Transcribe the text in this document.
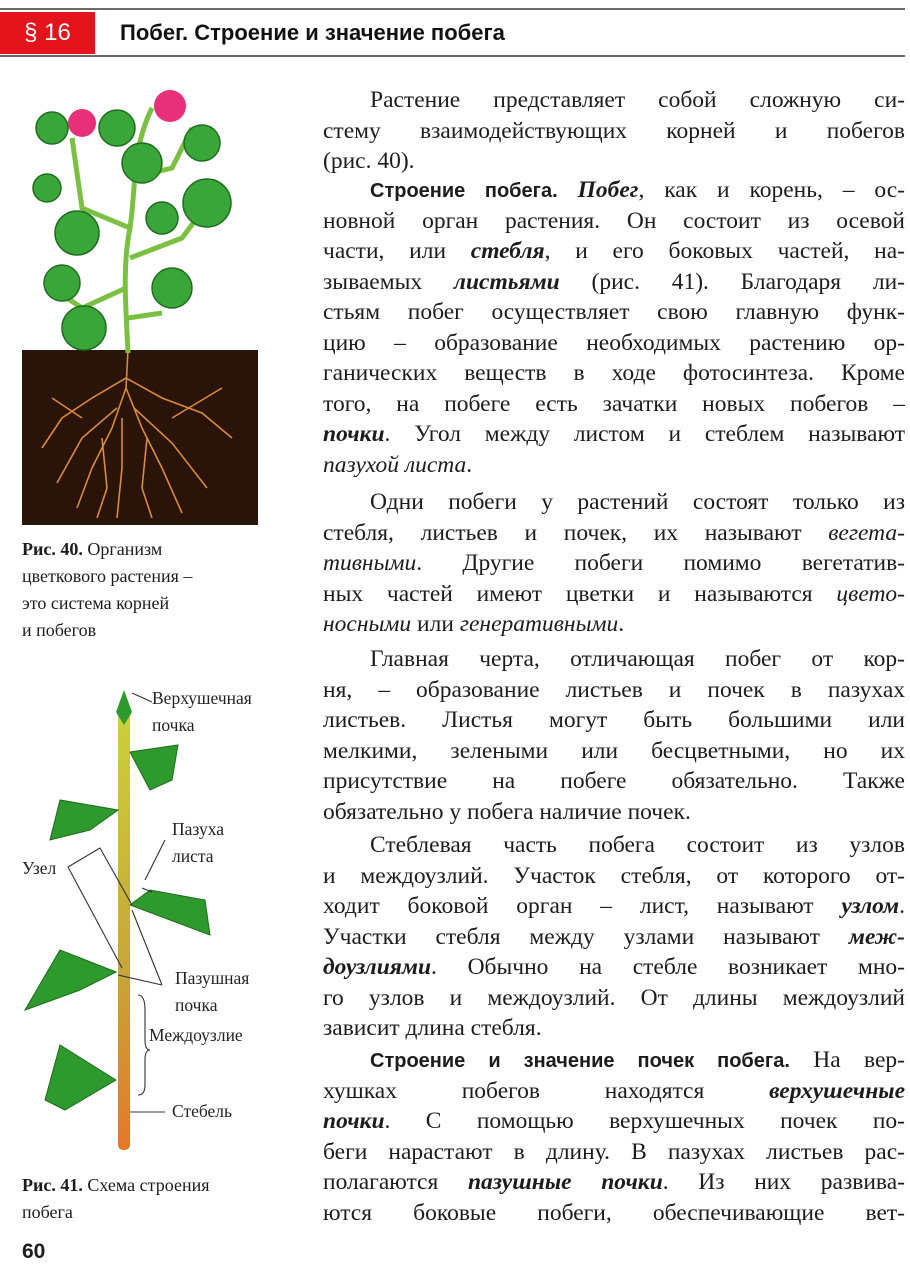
§ 16	Побег. Строение и значение побега
Растение представляет собой сложную си-
стему взаимодействующих корней и побегов
(рис. 40).
Строение побега. Побег, как и корень, – ос-
новной орган растения. Он состоит из осевой
части, или стебля, и его боковых частей, на-
зываемых листьями (рис. 41). Благодаря ли-
стьям побег осуществляет свою главную функ-
цию – образование необходимых растению ор-
ганических веществ в ходе фотосинтеза. Кроме
того, на побеге есть зачатки новых побегов –
почки. Угол между листом и стеблем называют
пазухой листа.
Одни побеги у растений состоят только из
стебля, листьев и почек, их называют вегета-
тивными. Другие побеги помимо вегетатив-
ных частей имеют цветки и называются цвето-
носными или генеративными.
Главная черта, отличающая побег от кор-
ня, – образование листьев и почек в пазухах
листьев. Листья могут быть большими или
мелкими, зелеными или бесцветными, но их
присутствие на побеге обязательно. Также
обязательно у побега наличие почек.
Стеблевая часть побега состоит из узлов
и междоузлий. Участок стебля, от которого от-
ходит боковой орган – лист, называют узлом.
Участки стебля между узлами называют меж-
доузлиями. Обычно на стебле возникает мно-
го узлов и междоузлий. От длины междоузлий
зависит длина стебля.
Строение и значение почек побега. На вер-
хушках побегов находятся верхушечные
почки. С помощью верхушечных почек по-
беги нарастают в длину. В пазухах листьев рас-
полагаются пазушные почки. Из них развива-
ются боковые побеги, обеспечивающие вет-
Рис. 40. Организм
цветкового растения –
это система корней
и побегов
Верхушечная
почка
Пазуха
листа
Узел
Пазушная
почка
Междоузлие
Стебель
Рис. 41. Схема строения
побега
60
